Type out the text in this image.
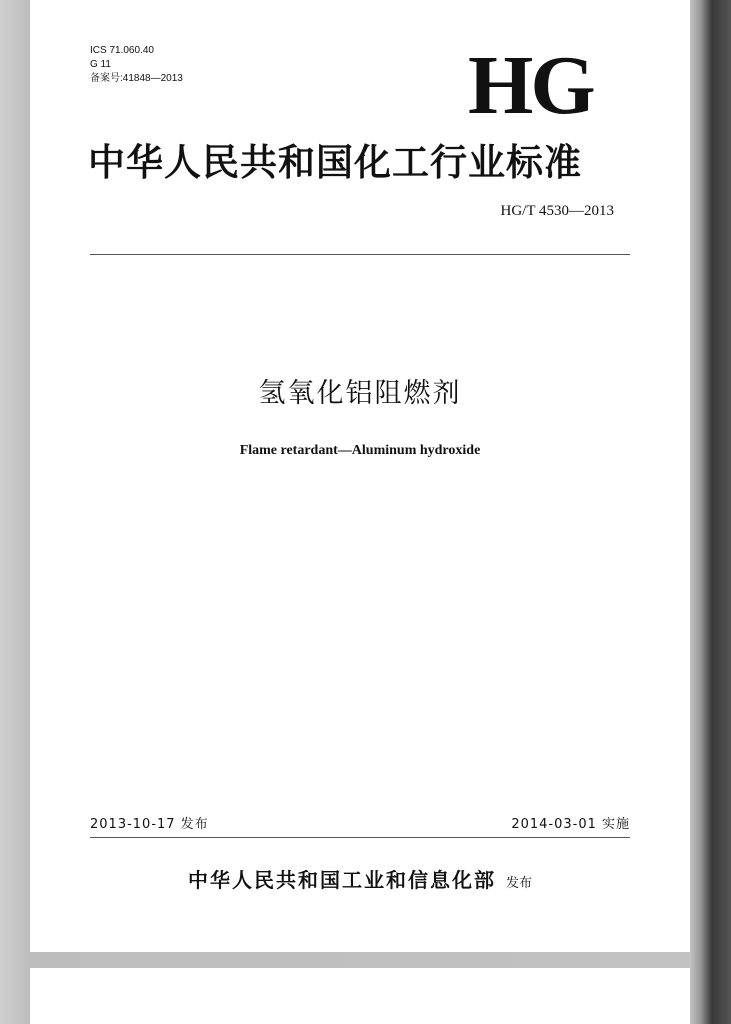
ICS 71.060.40
G 11
备案号:41848—2013	HG
中华人民共和国化工行业标准
HG/T 4530—2013
氢氧化铝阻燃剂
Flame retardant—Aluminum hydroxide
2013-10-17 发布	2014-03-01 实施
中华人民共和国工业和信息化部 发布
